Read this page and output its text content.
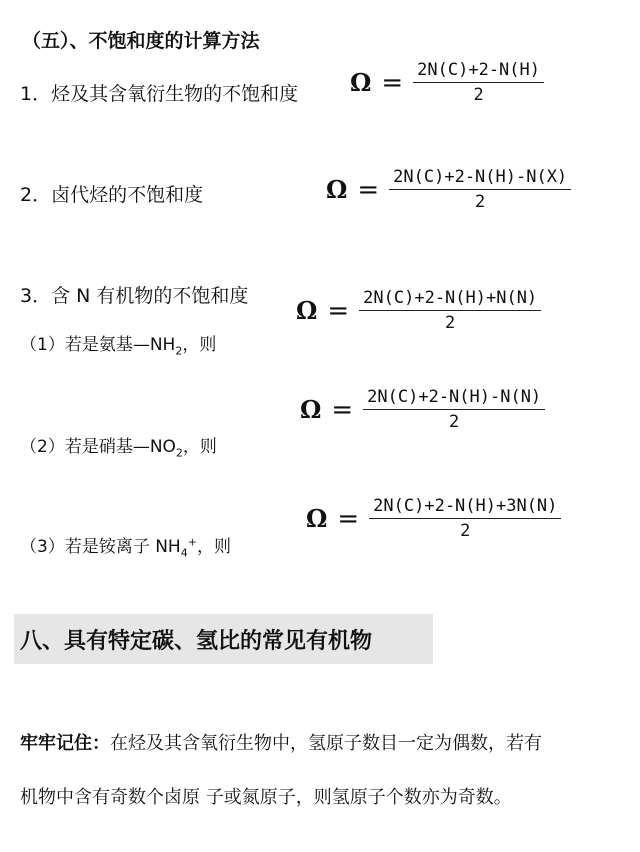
（五）、不饱和度的计算方法
1．烃及其含氧衍生物的不饱和度 $\Omega = \frac{2N(C)+2-N(H)}{2}$
2．卤代烃的不饱和度	$\Omega = \frac{2N(C)+2-N(H)-N(X)}{2}$
3．含 N 有机物的不饱和度
$\Omega = \frac{2N(C)+2-N(H)+N(N)}{2}$
（1）若是氨基$—NH_2$，则
（2）若是硝基$—NO_2$，则
$\Omega = \frac{2N(C)+2-N(H)-N(N)}{2}$
（3）若是铵离子 $NH_4^+$，则
$\Omega = \frac{2N(C)+2-N(H)+3N(N)}{2}$
八、具有特定碳、氢比的常见有机物
牢牢记住：在烃及其含氧衍生物中，氢原子数目一定为偶数，若有
机物中含有奇数个卤原 子或氮原子，则氢原子个数亦为奇数。
